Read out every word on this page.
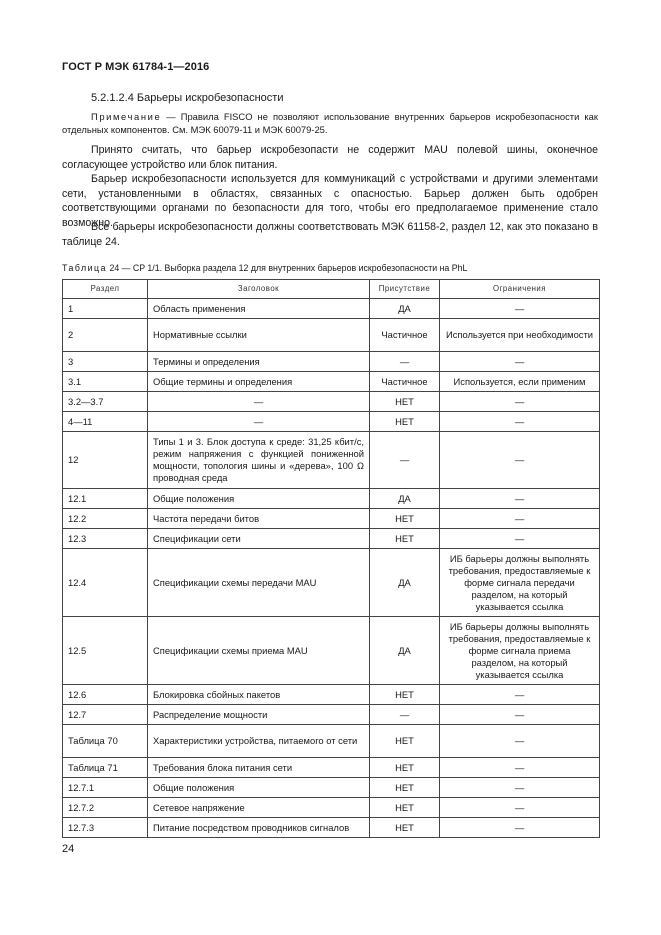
ГОСТ Р МЭК 61784-1—2016
5.2.1.2.4 Барьеры искробезопасности
Примечание — Правила FISCO не позволяют использование внутренних барьеров искробезопасности как отдельных компонентов. См. МЭК 60079-11 и МЭК 60079-25.
Принято считать, что барьер искробезопасти не содержит MAU полевой шины, оконечное согласующее устройство или блок питания.
Барьер искробезопасности используется для коммуникаций с устройствами и другими элементами сети, установленными в областях, связанных с опасностью. Барьер должен быть одобрен соответствующими органами по безопасности для того, чтобы его предполагаемое применение стало возможно.
Все барьеры искробезопасности должны соответствовать МЭК 61158-2, раздел 12, как это показано в таблице 24.
Таблица 24 — CP 1/1. Выборка раздела 12 для внутренних барьеров искробезопасности на PhL
Раздел	Заголовок	Присутствие	Ограничения
1	Область применения	ДА	—
2	Нормативные ссылки	Частичное	Используется при необходимости
3	Термины и определения	—	—
3.1	Общие термины и определения	Частичное	Используется, если применим
3.2—3.7	—	НЕТ	—
4—11	—	НЕТ	—
12	Типы 1 и 3. Блок доступа к среде: 31,25 кбит/с, режим напряжения с функцией пониженной мощности, топология шины и «дерева», 100 Ω проводная среда	—	—
12.1	Общие положения	ДА	—
12.2	Частота передачи битов	НЕТ	—
12.3	Спецификации сети	НЕТ	—
12.4	Спецификации схемы передачи MAU	ДА	ИБ барьеры должны выполнять требования, предоставляемые к форме сигнала передачи разделом, на который указывается ссылка
12.5	Спецификации схемы приема MAU	ДА	ИБ барьеры должны выполнять требования, предоставляемые к форме сигнала приема разделом, на который указывается ссылка
12.6	Блокировка сбойных пакетов	НЕТ	—
12.7	Распределение мощности	—	—
Таблица 70	Характеристики устройства, питаемого от сети	НЕТ	—
Таблица 71	Требования блока питания сети	НЕТ	—
12.7.1	Общие положения	НЕТ	—
12.7.2	Сетевое напряжение	НЕТ	—
12.7.3	Питание посредством проводников сигналов	НЕТ	—
24
